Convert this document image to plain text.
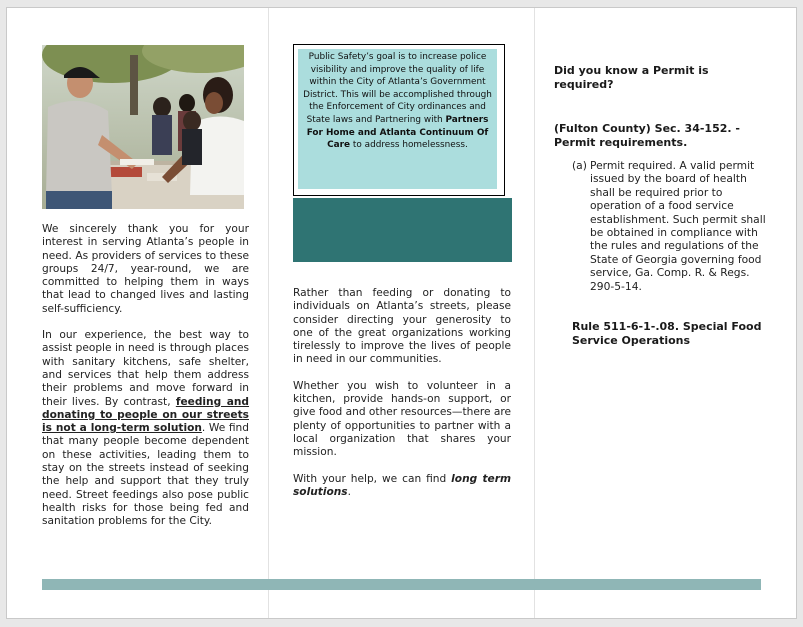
We sincerely thank you for your interest in serving Atlanta’s people in need. As providers of services to these groups 24/7, year-round, we are committed to helping them in ways that lead to changed lives and lasting self-sufficiency.

In our experience, the best way to assist people in need is through places with sanitary kitchens, safe shelter, and services that help them address their problems and move forward in their lives. By contrast, feeding and donating to people on our streets is not a long-term solution. We find that many people become dependent on these activities, leading them to stay on the streets instead of seeking the help and support that they truly need. Street feedings also pose public health risks for those being fed and sanitation problems for the City.

Public Safety’s goal is to increase police visibility and improve the quality of life within the City of Atlanta’s Government District. This will be accomplished through the Enforcement of City ordinances and State laws and Partnering with Partners For Home and Atlanta Continuum Of Care to address homelessness.

Rather than feeding or donating to individuals on Atlanta’s streets, please consider directing your generosity to one of the great organizations working tirelessly to improve the lives of people in need in our communities.

Whether you wish to volunteer in a kitchen, provide hands-on support, or give food and other resources—there are plenty of opportunities to partner with a local organization that shares your mission.

With your help, we can find long term solutions.

Did you know a Permit is required?
(Fulton County) Sec. 34-152. - Permit requirements.
(a) Permit required. A valid permit issued by the board of health shall be required prior to operation of a food service establishment. Such permit shall be obtained in compliance with the rules and regulations of the State of Georgia governing food service, Ga. Comp. R. & Regs. 290-5-14.
Rule 511-6-1-.08. Special Food Service Operations
